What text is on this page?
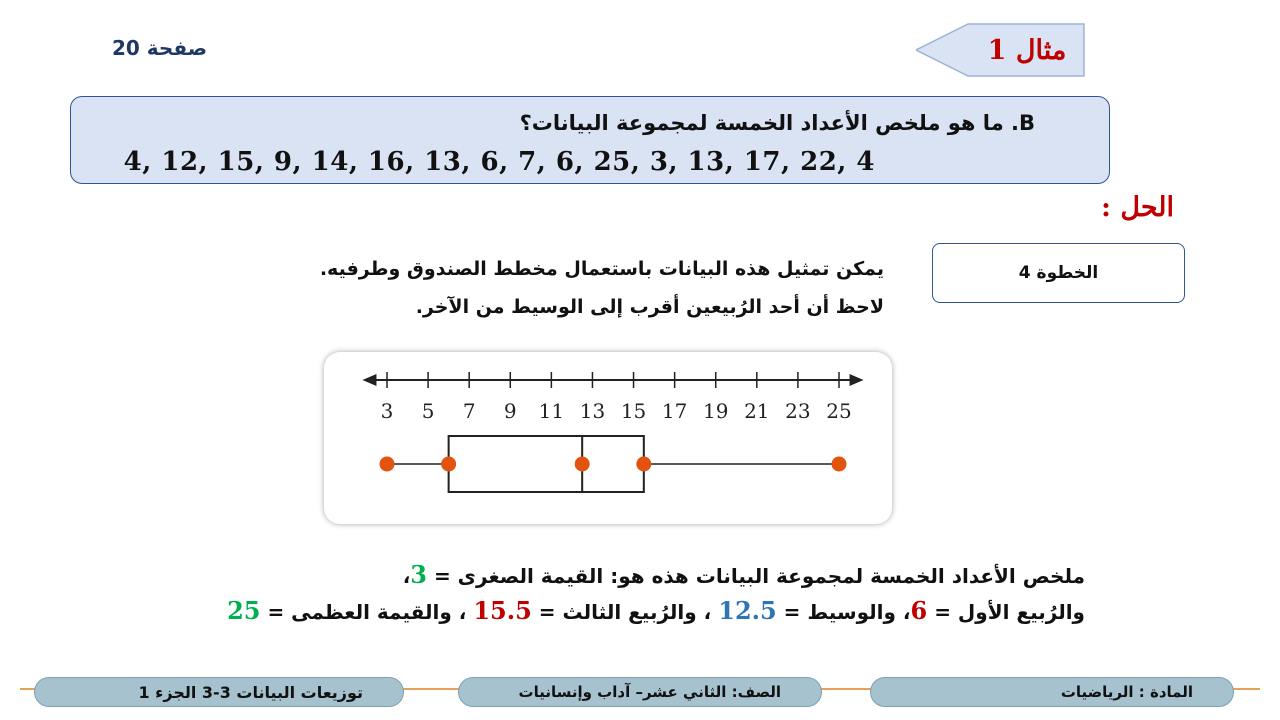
صفحة 20	مثال 1
B. ما هو ملخص الأعداد الخمسة لمجموعة البيانات؟
4, 12, 15, 9, 14, 16, 13, 6, 7, 6, 25, 3, 13, 17, 22, 4
الحل :
الخطوة 4
يمكن تمثيل هذه البيانات باستعمال مخطط الصندوق وطرفيه.
لاحظ أن أحد الرُبيعين أقرب إلى الوسيط من الآخر.
3 5 7 9 11 13 15 17 19 21 23 25
ملخص الأعداد الخمسة لمجموعة البيانات هذه هو: القيمة الصغرى = 3،
والرُبيع الأول = 6، والوسيط = 12.5 ، والرُبيع الثالث = 15.5 ، والقيمة العظمى = 25
المادة : الرياضيات
الصف: الثاني عشر– آداب وإنسانيات
توزيعات البيانات 3-3 الجزء 1
